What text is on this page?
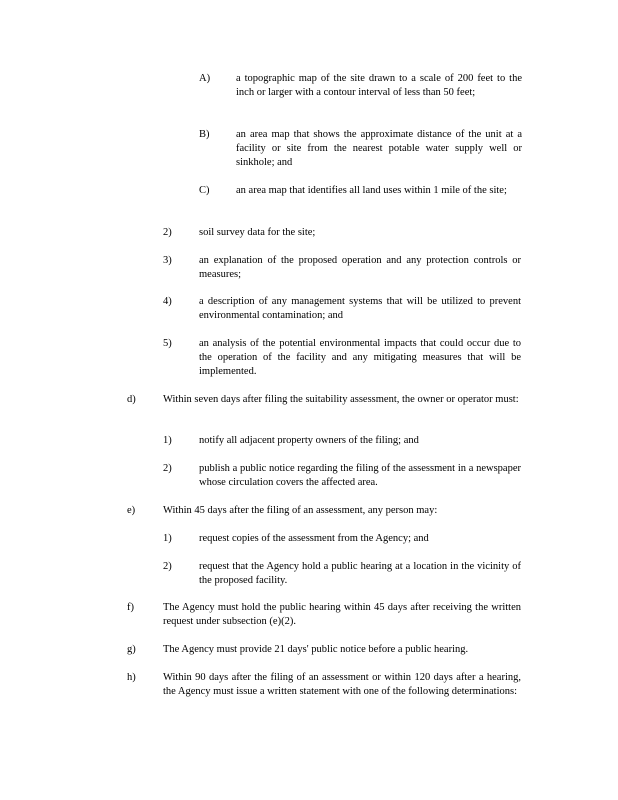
A) a topographic map of the site drawn to a scale of 200 feet to the inch or larger with a contour interval of less than 50 feet;
B)	an area map that shows the approximate distance of the unit at a facility or site from the nearest potable water supply well or sinkhole; and
C)	an area map that identifies all land uses within 1 mile of the site;
2)	soil survey data for the site;
3)	an explanation of the proposed operation and any protection controls or measures;
4)	a description of any management systems that will be utilized to prevent environmental contamination; and
5)	an analysis of the potential environmental impacts that could occur due to the operation of the facility and any mitigating measures that will be implemented.
d)	Within seven days after filing the suitability assessment, the owner or operator must:
1)	notify all adjacent property owners of the filing; and
2)	publish a public notice regarding the filing of the assessment in a newspaper whose circulation covers the affected area.
e)	Within 45 days after the filing of an assessment, any person may:
1)	request copies of the assessment from the Agency; and
2)	request that the Agency hold a public hearing at a location in the vicinity of the proposed facility.
f)	The Agency must hold the public hearing within 45 days after receiving the written request under subsection (e)(2).
g)	The Agency must provide 21 days' public notice before a public hearing.
h)	Within 90 days after the filing of an assessment or within 120 days after a hearing, the Agency must issue a written statement with one of the following determinations:
